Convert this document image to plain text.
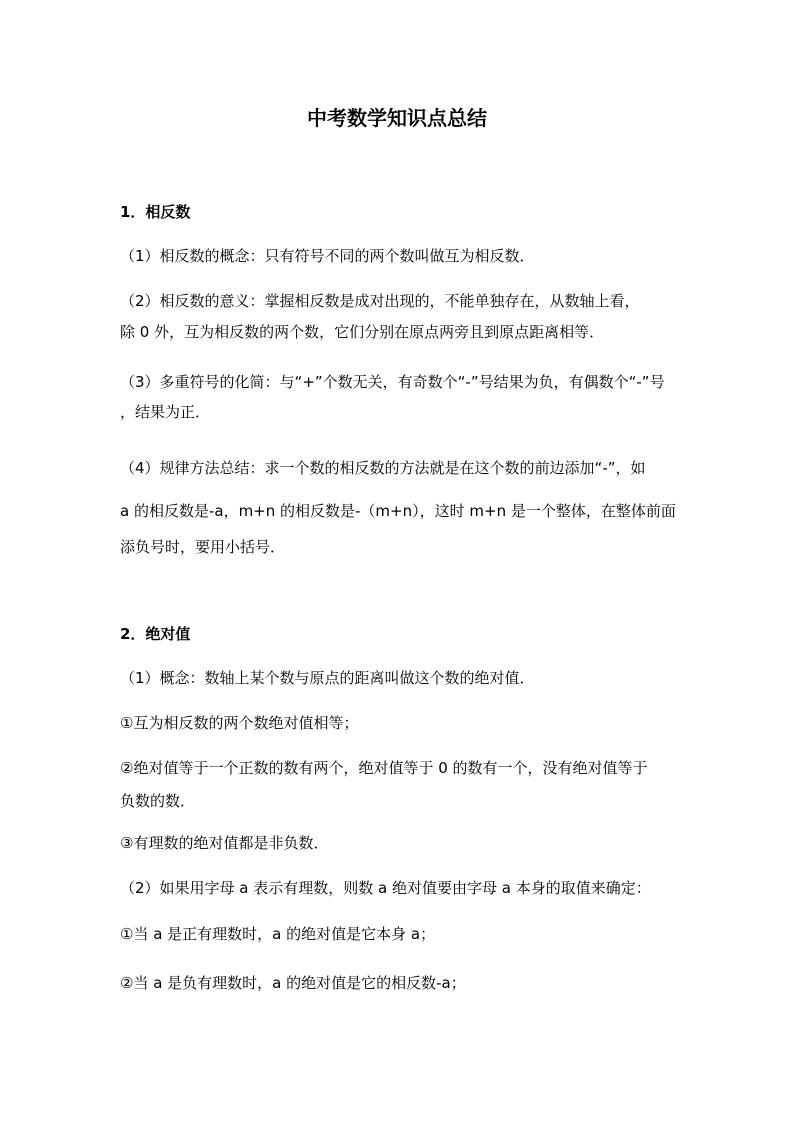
中考数学知识点总结
1．相反数
（1）相反数的概念：只有符号不同的两个数叫做互为相反数．
（2）相反数的意义：掌握相反数是成对出现的，不能单独存在，从数轴上看，
除 0 外，互为相反数的两个数，它们分别在原点两旁且到原点距离相等．
（3）多重符号的化简：与“+”个数无关，有奇数个“-”号结果为负，有偶数个“-”号
，结果为正．
（4）规律方法总结：求一个数的相反数的方法就是在这个数的前边添加“-”，如
a 的相反数是-a，m+n 的相反数是-（m+n），这时 m+n 是一个整体，在整体前面
添负号时，要用小括号．
2．绝对值
（1）概念：数轴上某个数与原点的距离叫做这个数的绝对值．
①互为相反数的两个数绝对值相等；
②绝对值等于一个正数的数有两个，绝对值等于 0 的数有一个，没有绝对值等于
负数的数．
③有理数的绝对值都是非负数．
（2）如果用字母 a 表示有理数，则数 a 绝对值要由字母 a 本身的取值来确定：
①当 a 是正有理数时，a 的绝对值是它本身 a；
②当 a 是负有理数时，a 的绝对值是它的相反数-a；
